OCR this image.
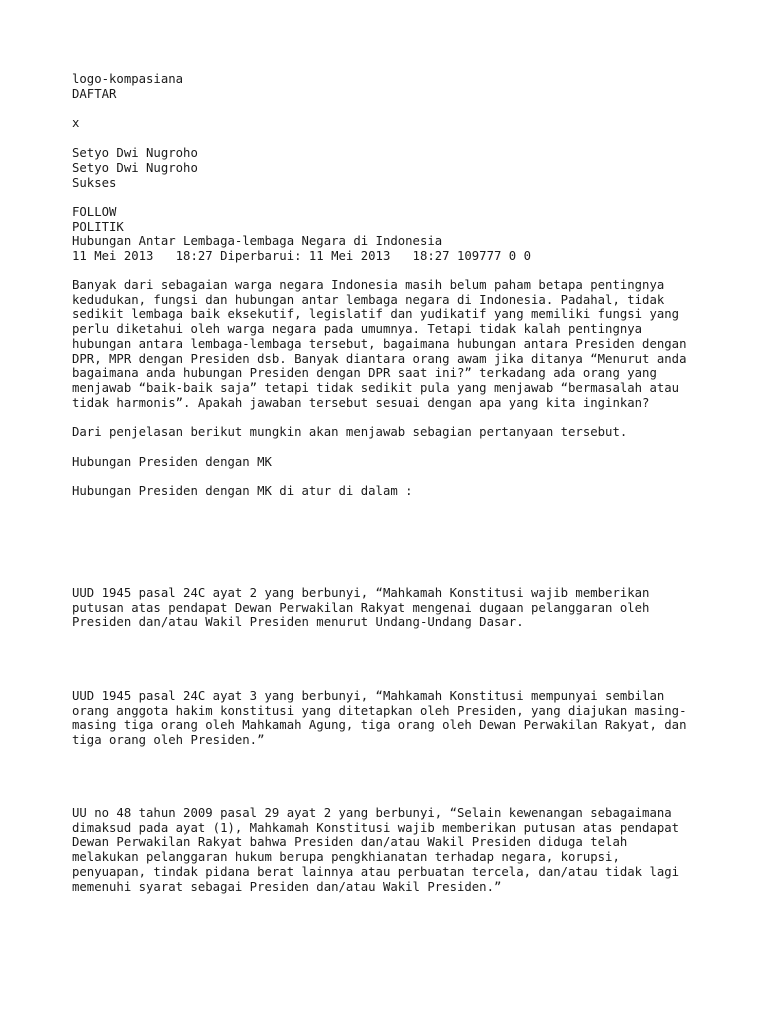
logo-kompasiana
DAFTAR
x
Setyo Dwi Nugroho
Setyo Dwi Nugroho
Sukses
FOLLOW
POLITIK
Hubungan Antar Lembaga-lembaga Negara di Indonesia
11 Mei 2013   18:27 Diperbarui: 11 Mei 2013   18:27 109777 0 0

Banyak dari sebagaian warga negara Indonesia masih belum paham betapa pentingnya
kedudukan, fungsi dan hubungan antar lembaga negara di Indonesia. Padahal, tidak
sedikit lembaga baik eksekutif, legislatif dan yudikatif yang memiliki fungsi yang
perlu diketahui oleh warga negara pada umumnya. Tetapi tidak kalah pentingnya
hubungan antara lembaga-lembaga tersebut, bagaimana hubungan antara Presiden dengan
DPR, MPR dengan Presiden dsb. Banyak diantara orang awam jika ditanya “Menurut anda
bagaimana anda hubungan Presiden dengan DPR saat ini?” terkadang ada orang yang
menjawab “baik-baik saja” tetapi tidak sedikit pula yang menjawab “bermasalah atau
tidak harmonis”. Apakah jawaban tersebut sesuai dengan apa yang kita inginkan?

Dari penjelasan berikut mungkin akan menjawab sebagian pertanyaan tersebut.

Hubungan Presiden dengan MK

Hubungan Presiden dengan MK di atur di dalam :

UUD 1945 pasal 24C ayat 2 yang berbunyi, “Mahkamah Konstitusi wajib memberikan
putusan atas pendapat Dewan Perwakilan Rakyat mengenai dugaan pelanggaran oleh
Presiden dan/atau Wakil Presiden menurut Undang-Undang Dasar.

UUD 1945 pasal 24C ayat 3 yang berbunyi, “Mahkamah Konstitusi mempunyai sembilan
orang anggota hakim konstitusi yang ditetapkan oleh Presiden, yang diajukan masing-
masing tiga orang oleh Mahkamah Agung, tiga orang oleh Dewan Perwakilan Rakyat, dan
tiga orang oleh Presiden.”

UU no 48 tahun 2009 pasal 29 ayat 2 yang berbunyi, “Selain kewenangan sebagaimana
dimaksud pada ayat (1), Mahkamah Konstitusi wajib memberikan putusan atas pendapat
Dewan Perwakilan Rakyat bahwa Presiden dan/atau Wakil Presiden diduga telah
melakukan pelanggaran hukum berupa pengkhianatan terhadap negara, korupsi,
penyuapan, tindak pidana berat lainnya atau perbuatan tercela, dan/atau tidak lagi
memenuhi syarat sebagai Presiden dan/atau Wakil Presiden.”
